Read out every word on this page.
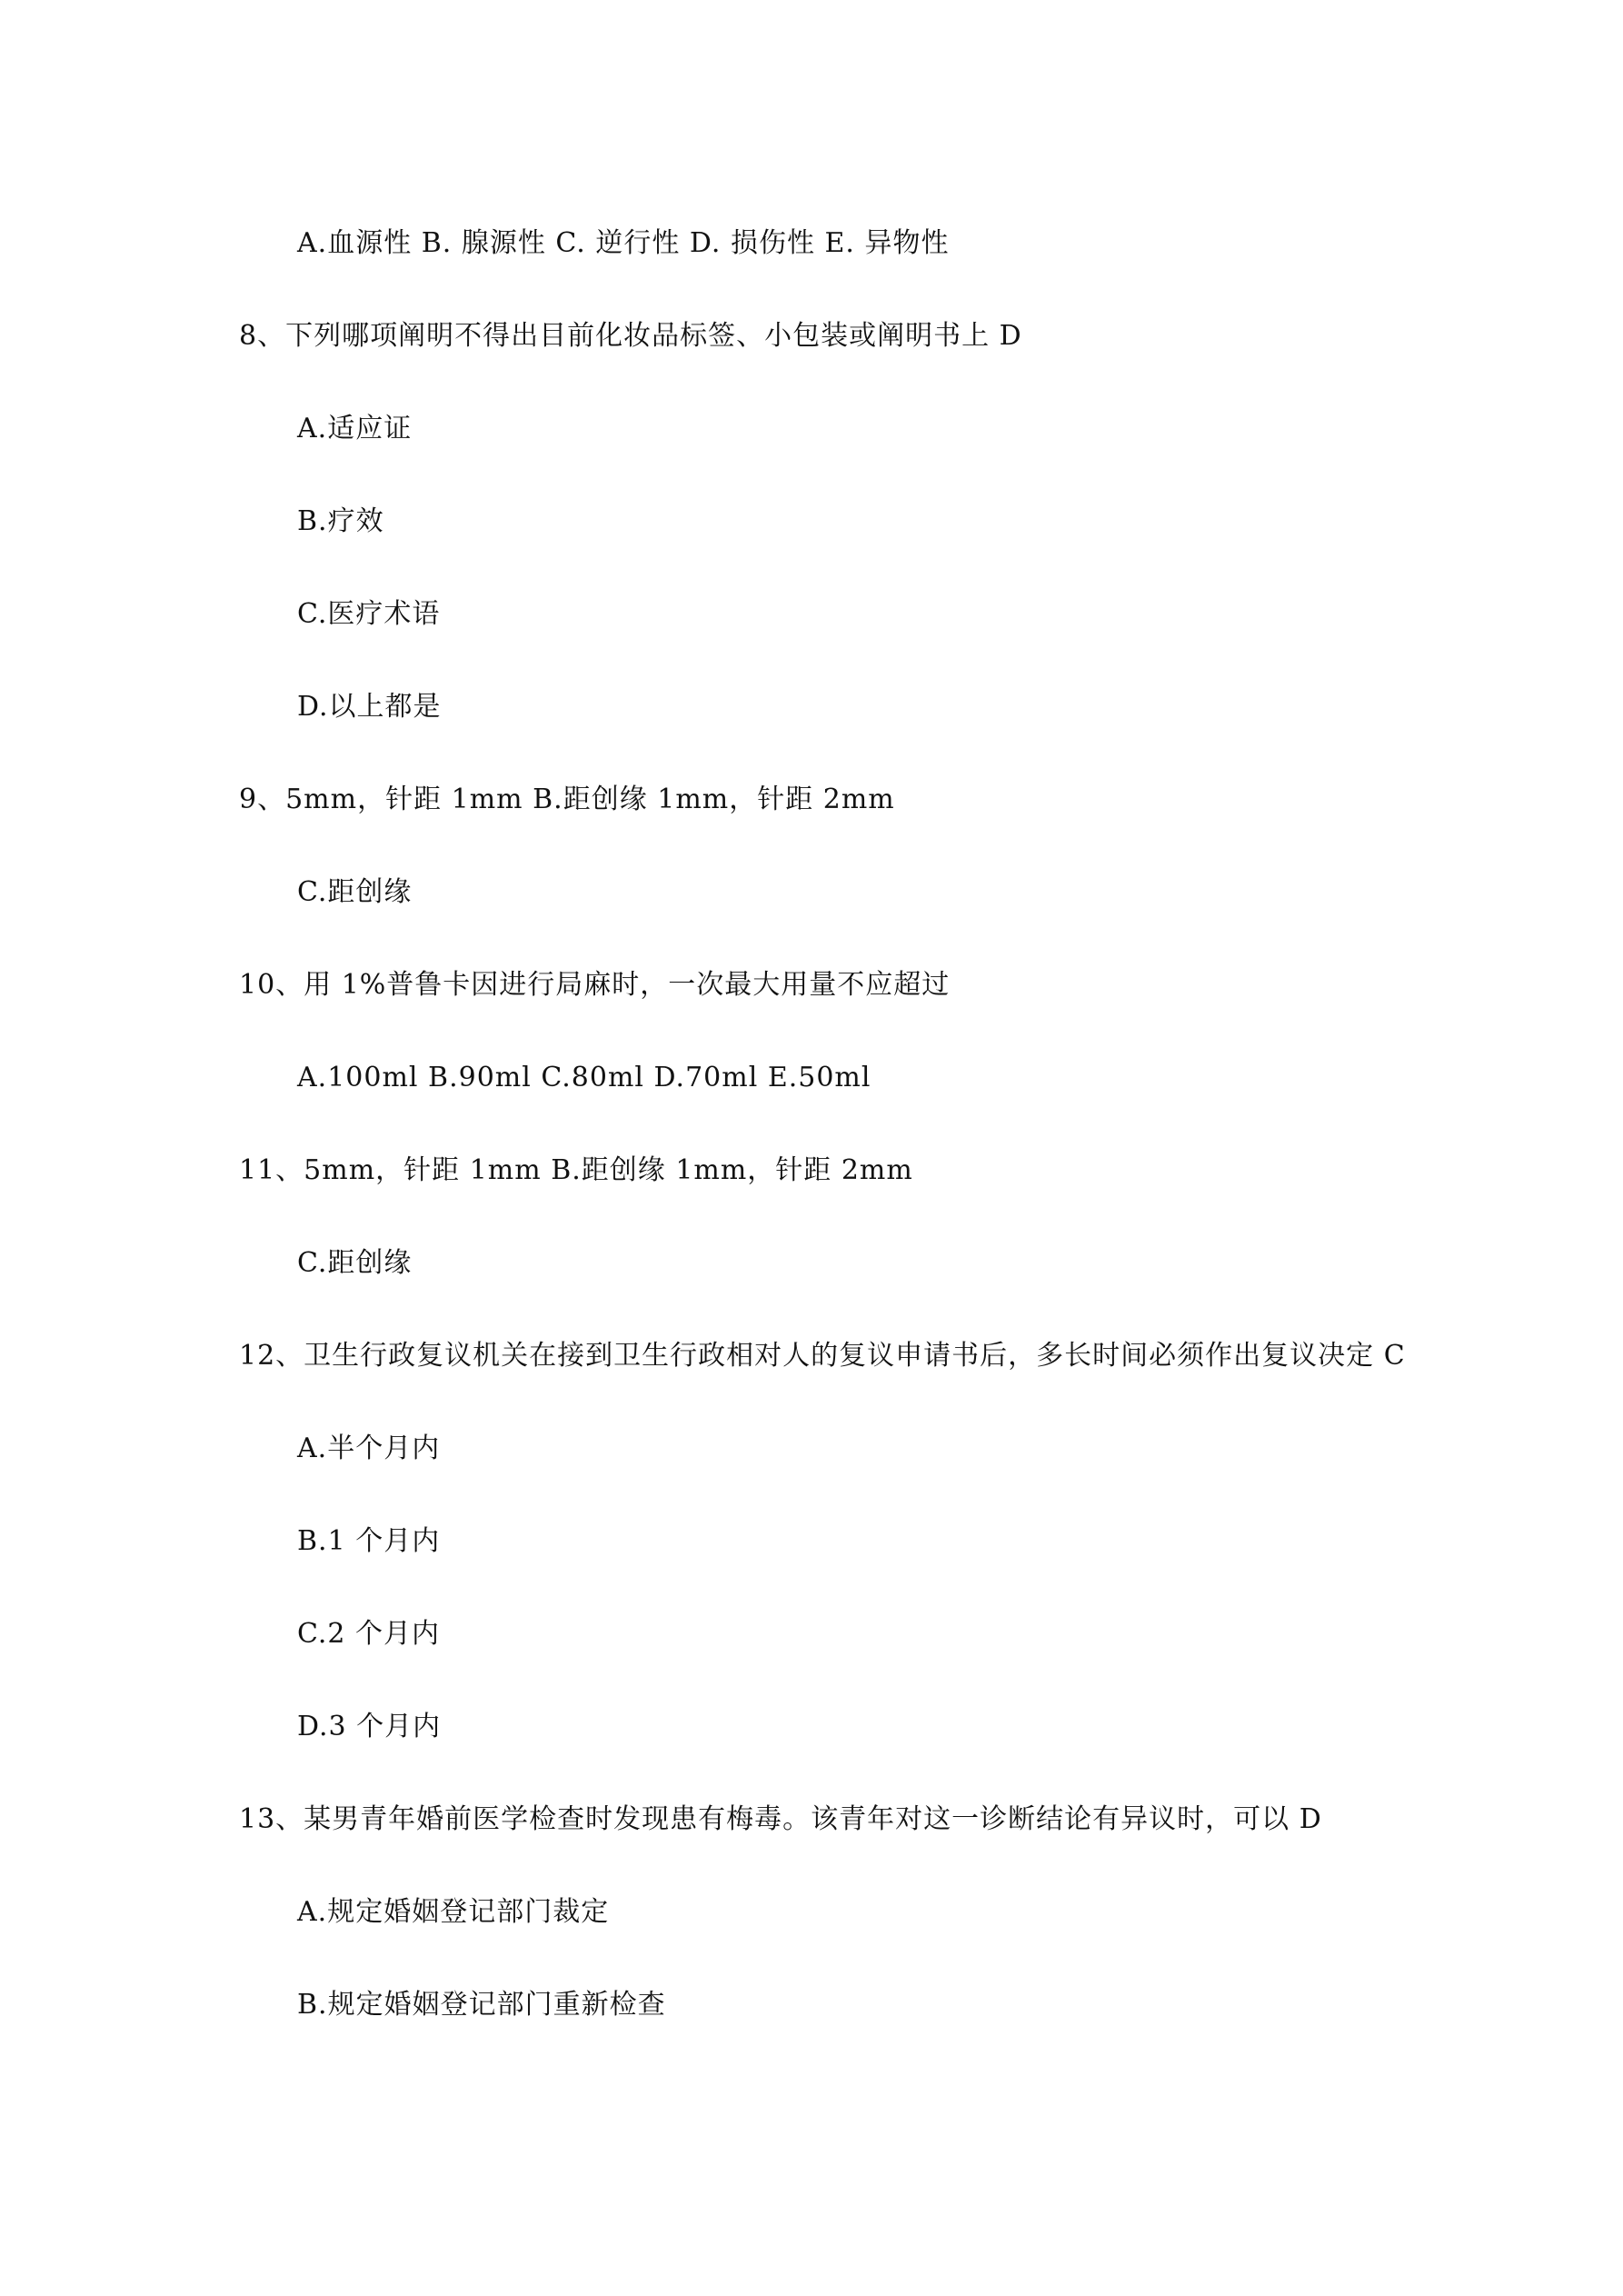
A.血源性 B. 腺源性 C. 逆行性 D. 损伤性 E. 异物性
8、下列哪项阐明不得出目前化妆品标签、小包装或阐明书上 D
A.适应证
B.疗效
C.医疗术语
D.以上都是
9、5mm，针距 1mm B.距创缘 1mm，针距 2mm
C.距创缘
10、用 1%普鲁卡因进行局麻时，一次最大用量不应超过
A.100ml B.90ml C.80ml D.70ml E.50ml
11、5mm，针距 1mm B.距创缘 1mm，针距 2mm
C.距创缘
12、卫生行政复议机关在接到卫生行政相对人的复议申请书后，多长时间必须作出复议决定 C
A.半个月内
B.1 个月内
C.2 个月内
D.3 个月内
13、某男青年婚前医学检查时发现患有梅毒。该青年对这一诊断结论有异议时，可以 D
A.规定婚姻登记部门裁定
B.规定婚姻登记部门重新检查
